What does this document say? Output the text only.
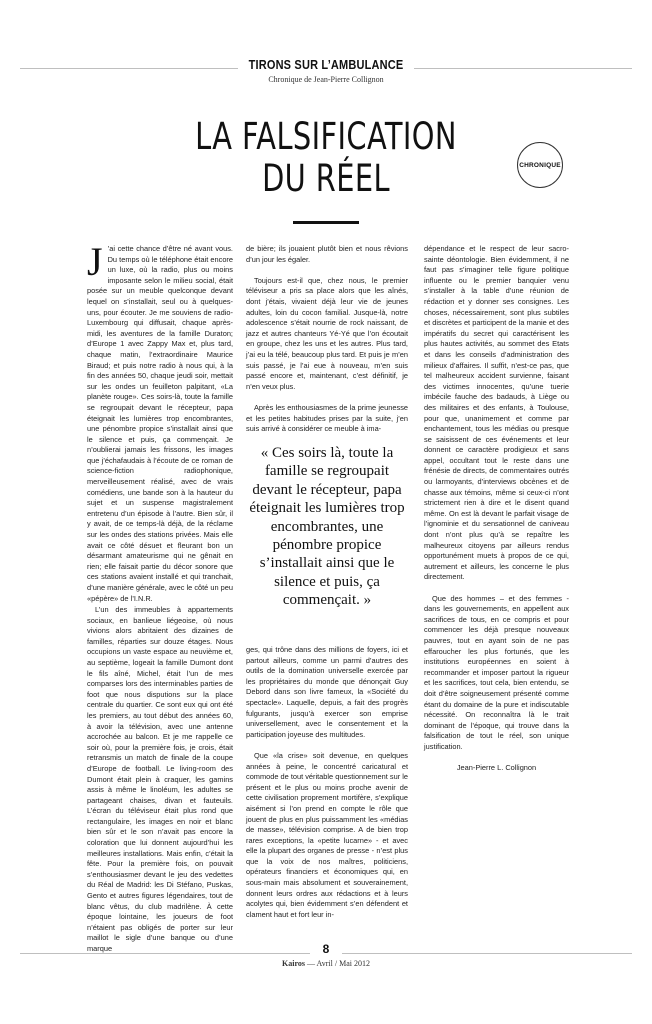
TIRONS SUR L’AMBULANCE
Chronique de Jean-Pierre Collignon
LA FALSIFICATION
DU RÉEL	CHRONIQUE

J ’ai cette chance d’être né avant vous. Du temps où le téléphone était encore un luxe, où la radio, plus ou moins imposante selon le milieu social, était posée sur un meuble quelconque devant lequel on s’installait, seul ou à quelques-uns, pour écouter. Je me souviens de radio-Luxembourg qui diffusait, chaque après-midi, les aventures de la famille Duraton; d’Europe 1 avec Zappy Max et, plus tard, chaque matin, l’extraordinaire Maurice Biraud; et puis notre radio à nous qui, à la fin des années 50, chaque jeudi soir, mettait sur les ondes un feuilleton palpitant, «La planète rouge». Ces soirs-là, toute la famille se regroupait devant le récepteur, papa éteignait les lumières trop encombrantes, une pénombre propice s’installait ainsi que le silence et puis, ça commençait. Je n’oublierai jamais les frissons, les images que j’échafaudais à l’écoute de ce roman de science-fiction radiophonique, merveilleusement réalisé, avec de vrais comédiens, une bande son à la hauteur du sujet et un suspense magistralement entretenu d’un épisode à l’autre. Bien sûr, il y avait, de ce temps-là déjà, de la réclame sur les ondes des stations privées. Mais elle avait ce côté désuet et fleurant bon un désarmant amateurisme qui ne gênait en rien; elle faisait partie du décor sonore que ces stations avaient installé et qui tranchait, d’une manière générale, avec le côté un peu «pépère» de l’I.N.R.

L’un des immeubles à appartements sociaux, en banlieue liégeoise, où nous vivions alors abritaient des dizaines de familles, réparties sur douze étages. Nous occupions un vaste espace au neuvième et, au septième, logeait la famille Dumont dont le fils aîné, Michel, était l’un de mes comparses lors des interminables parties de foot que nous disputions sur la place centrale du quartier. Ce sont eux qui ont été les premiers, au tout début des années 60, à avoir la télévision, avec une antenne accrochée au balcon. Et je me rappelle ce soir où, pour la première fois, je crois, était retransmis un match de finale de la coupe d’Europe de football. Le living-room des Dumont était plein à craquer, les gamins assis à même le linoléum, les adultes se partageant chaises, divan et fauteuils. L’écran du téléviseur était plus rond que rectangulaire, les images en noir et blanc bien sûr et le son n’avait pas encore la coloration que lui donnent aujourd’hui les meilleures installations. Mais enfin, c’était la fête. Pour la première fois, on pouvait s’enthousiasmer devant le jeu des vedettes du Réal de Madrid: les Di Stéfano, Puskas, Gento et autres figures légendaires, tout de blanc vêtus, du club madrilène. À cette époque lointaine, les joueurs de foot n’étaient pas obligés de porter sur leur maillot le sigle d’une banque ou d’une marque

de bière; ils jouaient plutôt bien et nous rêvions d’un jour les égaler.

Toujours est-il que, chez nous, le premier téléviseur a pris sa place alors que les aînés, dont j’étais, vivaient déjà leur vie de jeunes adultes, loin du cocon familial. Jusque-là, notre adolescence s’était nourrie de rock naissant, de jazz et autres chanteurs Yé-Yé que l’on écoutait en groupe, chez les uns et les autres. Plus tard, j’ai eu la télé, beaucoup plus tard. Et puis je m’en suis passé, je l’ai eue à nouveau, m’en suis passé encore et, maintenant, c’est définitif, je n’en veux plus.

Après les enthousiasmes de la prime jeunesse et les petites habitudes prises par la suite, j’en suis arrivé à considérer ce meuble à ima-

« Ces soirs là, toute la famille se regroupait devant le récepteur, papa éteignait les lumières trop encombrantes, une pénombre propice s’installait ainsi que le silence et puis, ça commençait. »

ges, qui trône dans des millions de foyers, ici et partout ailleurs, comme un parmi d’autres des outils de la domination universelle exercée par les propriétaires du monde que dénonçait Guy Debord dans son livre fameux, la «Société du spectacle». Laquelle, depuis, a fait des progrès fulgurants, jusqu’à exercer son emprise universellement, avec le consentement et la participation joyeuse des multitudes.

Que «la crise» soit devenue, en quelques années à peine, le concentré caricatural et commode de tout véritable questionnement sur le présent et le plus ou moins proche avenir de cette civilisation proprement mortifère, s’explique aisément si l’on prend en compte le rôle que jouent de plus en plus puissamment les «médias de masse», télévision comprise. A de bien trop rares exceptions, la «petite lucarne» - et avec elle la plupart des organes de presse - n’est plus que la voix de nos maîtres, politiciens, opérateurs financiers et économiques qui, en sous-main mais absolument et souverainement, donnent leurs ordres aux rédactions et à leurs acolytes qui, bien évidemment s’en défendent et clament haut et fort leur in-

dépendance et le respect de leur sacro-sainte déontologie. Bien évidemment, il ne faut pas s’imaginer telle figure politique influente ou le premier banquier venu s’installer à la table d’une réunion de rédaction et y donner ses consignes. Les choses, nécessairement, sont plus subtiles et discrètes et participent de la manie et des impératifs du secret qui caractérisent les plus hautes activités, au sommet des Etats et dans les conseils d’administration des milieux d’affaires. Il suffit, n’est-ce pas, que tel malheureux accident survienne, faisant des victimes innocentes, qu’une tuerie imbécile fauche des badauds, à Liège ou des militaires et des enfants, à Toulouse, pour que, unanimement et comme par enchantement, tous les médias ou presque se saisissent de ces événements et leur donnent ce caractère prodigieux et sans appel, occultant tout le reste dans une frénésie de directs, de commentaires outrés ou larmoyants, d’interviews obcènes et de chasse aux témoins, même si ceux-ci n’ont strictement rien à dire et le disent quand même. On est là devant le parfait visage de l’ignominie et du sensationnel de caniveau dont n’ont plus qu’à se repaître les malheureux citoyens par ailleurs rendus opportunément muets à propos de ce qui, autrement et ailleurs, les concerne le plus directement.

Que des hommes – et des femmes - dans les gouvernements, en appellent aux sacrifices de tous, en ce compris et pour commencer les déjà presque nouveaux pauvres, tout en ayant soin de ne pas effaroucher les plus fortunés, que les institutions européennes en soient à recommander et imposer partout la rigueur et les sacrifices, tout cela, bien entendu, se doit d’être soigneusement présenté comme étant du domaine de la pure et indiscutable nécessité. On reconnaîtra là le trait dominant de l’époque, qui trouve dans la falsification de tout le réel, son unique justification.

Jean-Pierre L. Collignon

8
Kairos — Avril / Mai 2012
